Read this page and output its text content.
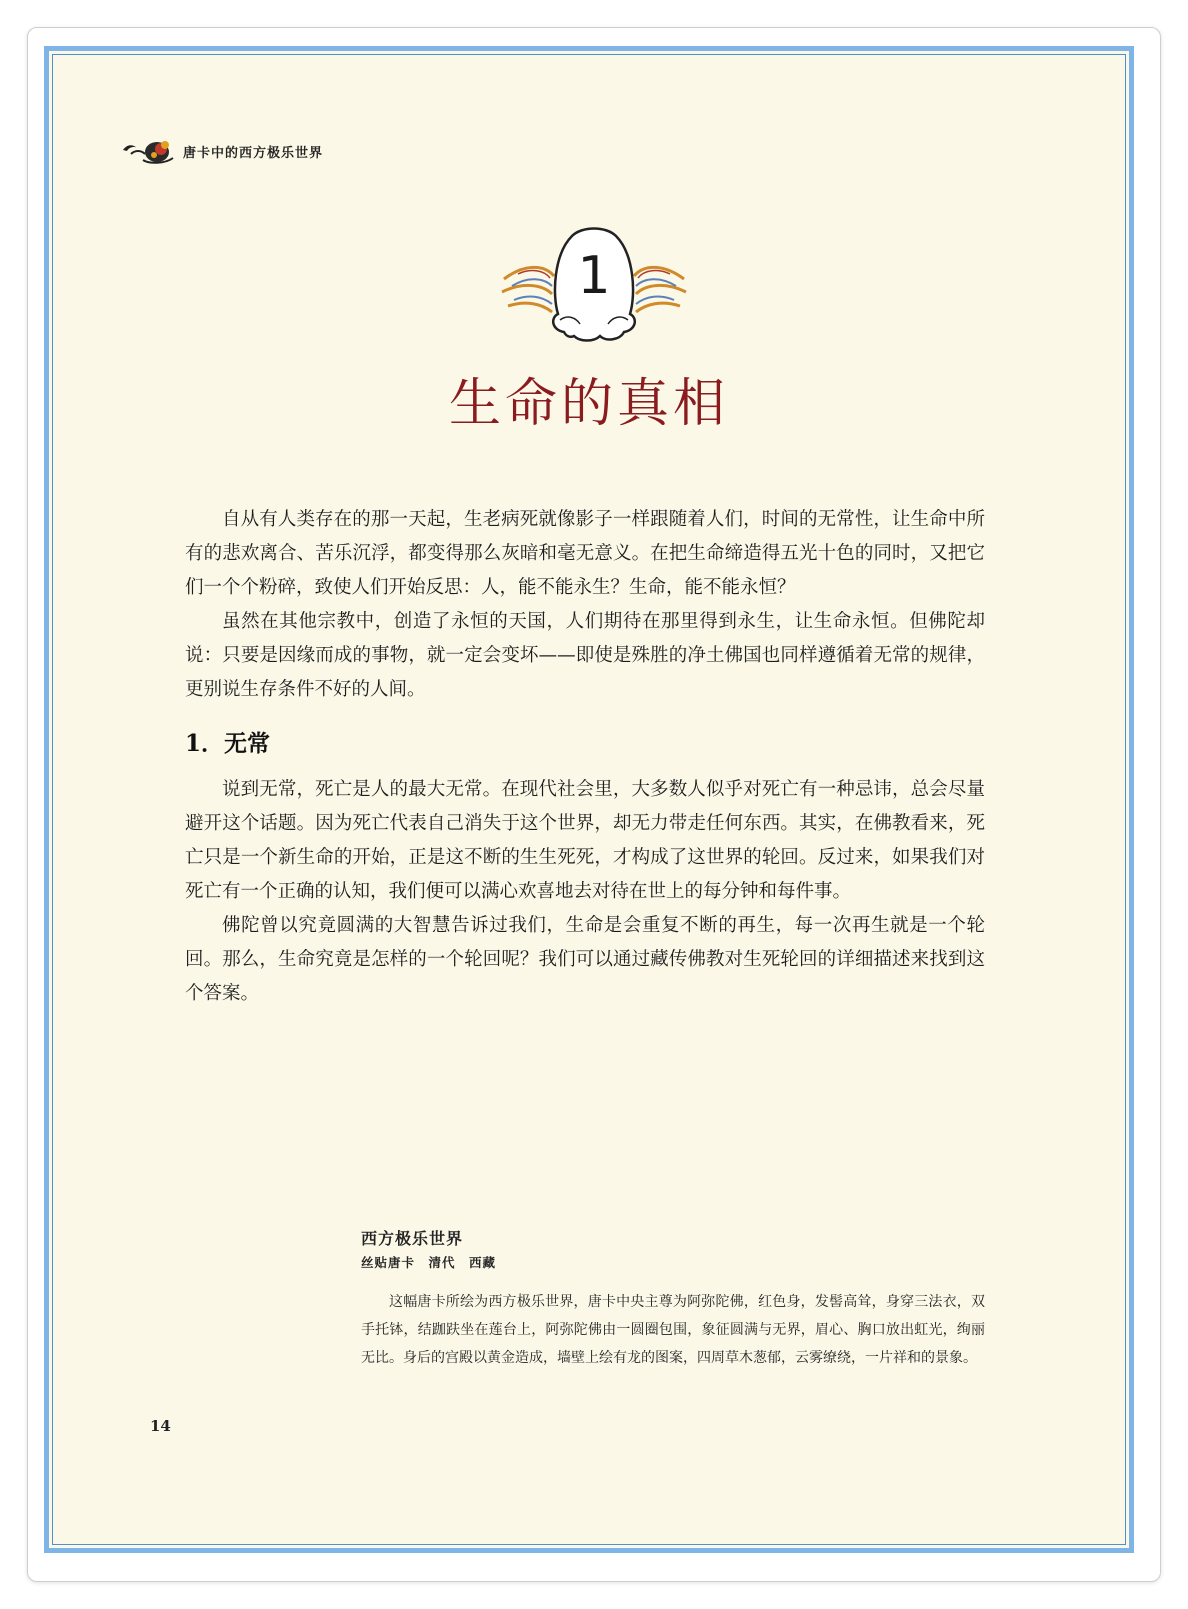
唐卡中的西方极乐世界
1
生命的真相

自从有人类存在的那一天起，生老病死就像影子一样跟随着人们，时间的无常性，让生命中所有的悲欢离合、苦乐沉浮，都变得那么灰暗和毫无意义。在把生命缔造得五光十色的同时，又把它们一个个粉碎，致使人们开始反思：人，能不能永生？生命，能不能永恒？

虽然在其他宗教中，创造了永恒的天国，人们期待在那里得到永生，让生命永恒。但佛陀却说：只要是因缘而成的事物，就一定会变坏——即使是殊胜的净土佛国也同样遵循着无常的规律，更别说生存条件不好的人间。

1．无常

说到无常，死亡是人的最大无常。在现代社会里，大多数人似乎对死亡有一种忌讳，总会尽量避开这个话题。因为死亡代表自己消失于这个世界，却无力带走任何东西。其实，在佛教看来，死亡只是一个新生命的开始，正是这不断的生生死死，才构成了这世界的轮回。反过来，如果我们对死亡有一个正确的认知，我们便可以满心欢喜地去对待在世上的每分钟和每件事。

佛陀曾以究竟圆满的大智慧告诉过我们，生命是会重复不断的再生，每一次再生就是一个轮回。那么，生命究竟是怎样的一个轮回呢？我们可以通过藏传佛教对生死轮回的详细描述来找到这个答案。

西方极乐世界
丝贴唐卡　清代　西藏

这幅唐卡所绘为西方极乐世界，唐卡中央主尊为阿弥陀佛，红色身，发髻高耸，身穿三法衣，双手托钵，结跏趺坐在莲台上，阿弥陀佛由一圆圈包围，象征圆满与无界，眉心、胸口放出虹光，绚丽无比。身后的宫殿以黄金造成，墙壁上绘有龙的图案，四周草木葱郁，云雾缭绕，一片祥和的景象。

14
